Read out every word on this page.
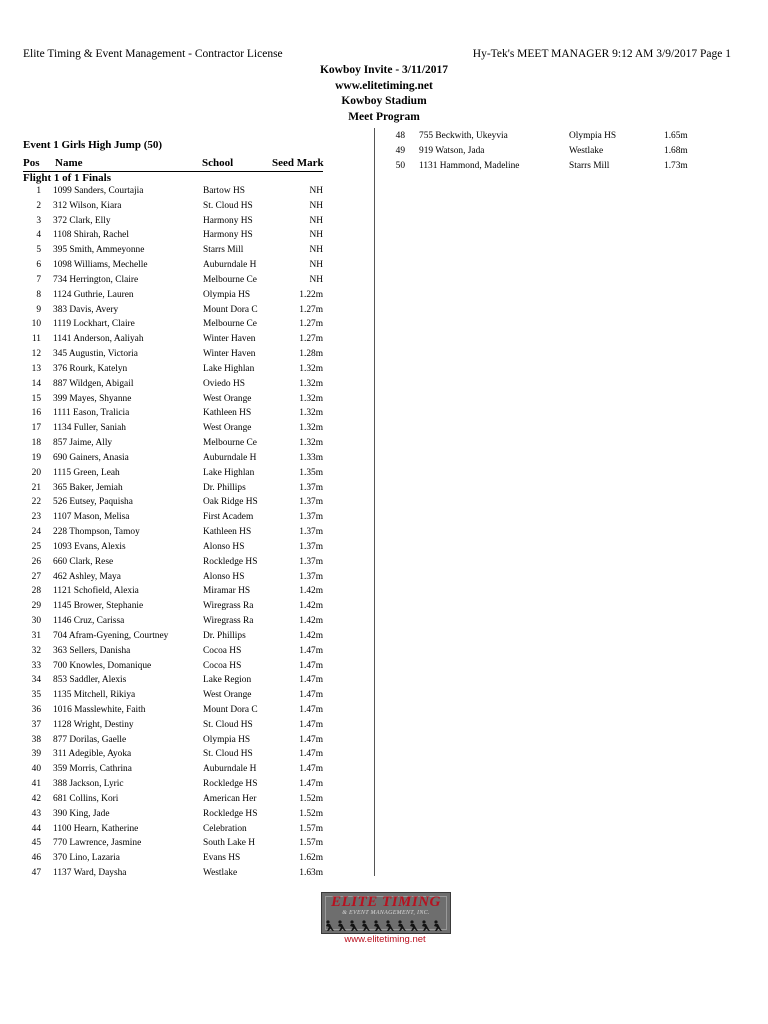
Elite Timing & Event Management - Contractor License	Hy-Tek's MEET MANAGER 9:12 AM 3/9/2017 Page 1
Kowboy Invite - 3/11/2017
www.elitetiming.net
Kowboy Stadium
Meet Program
Event 1 Girls High Jump (50)
Pos Name	School	Seed Mark
Flight 1 of 1 Finals
1 1099 Sanders, Courtajia	Bartow HS	NH
2 312 Wilson, Kiara	St. Cloud HS	NH
3 372 Clark, Elly	Harmony HS	NH
4 1108 Shirah, Rachel	Harmony HS	NH
5 395 Smith, Ammeyonne	Starrs Mill	NH
6 1098 Williams, Mechelle	Auburndale H	NH
7 734 Herrington, Claire	Melbourne Ce	NH
8 1124 Guthrie, Lauren	Olympia HS	1.22m
9 383 Davis, Avery	Mount Dora C	1.27m
10 1119 Lockhart, Claire	Melbourne Ce	1.27m
11 1141 Anderson, Aaliyah	Winter Haven	1.27m
12 345 Augustin, Victoria	Winter Haven	1.28m
13 376 Rourk, Katelyn	Lake Highlan	1.32m
14 887 Wildgen, Abigail	Oviedo HS	1.32m
15 399 Mayes, Shyanne	West Orange	1.32m
16 1111 Eason, Tralicia	Kathleen HS	1.32m
17 1134 Fuller, Saniah	West Orange	1.32m
18 857 Jaime, Ally	Melbourne Ce	1.32m
19 690 Gainers, Anasia	Auburndale H	1.33m
20 1115 Green, Leah	Lake Highlan	1.35m
21 365 Baker, Jemiah	Dr. Phillips	1.37m
22 526 Eutsey, Paquisha	Oak Ridge HS	1.37m
23 1107 Mason, Melisa	First Academ	1.37m
24 228 Thompson, Tamoy	Kathleen HS	1.37m
25 1093 Evans, Alexis	Alonso HS	1.37m
26 660 Clark, Rese	Rockledge HS	1.37m
27 462 Ashley, Maya	Alonso HS	1.37m
28 1121 Schofield, Alexia	Miramar HS	1.42m
29 1145 Brower, Stephanie	Wiregrass Ra	1.42m
30 1146 Cruz, Carissa	Wiregrass Ra	1.42m
31 704 Afram-Gyening, Courtney	Dr. Phillips	1.42m
32 363 Sellers, Danisha	Cocoa HS	1.47m
33 700 Knowles, Domanique	Cocoa HS	1.47m
34 853 Saddler, Alexis	Lake Region	1.47m
35 1135 Mitchell, Rikiya	West Orange	1.47m
36 1016 Masslewhite, Faith	Mount Dora C	1.47m
37 1128 Wright, Destiny	St. Cloud HS	1.47m
38 877 Dorilas, Gaelle	Olympia HS	1.47m
39 311 Adegible, Ayoka	St. Cloud HS	1.47m
40 359 Morris, Cathrina	Auburndale H	1.47m
41 388 Jackson, Lyric	Rockledge HS	1.47m
42 681 Collins, Kori	American Her	1.52m
43 390 King, Jade	Rockledge HS	1.52m
44 1100 Hearn, Katherine	Celebration	1.57m
45 770 Lawrence, Jasmine	South Lake H	1.57m
46 370 Lino, Lazaria	Evans HS	1.62m
47 1137 Ward, Daysha	Westlake	1.63m
48 755 Beckwith, Ukeyvia	Olympia HS	1.65m
49 919 Watson, Jada	Westlake	1.68m
50 1131 Hammond, Madeline	Starrs Mill	1.73m
ELITE TIMING
& EVENT MANAGEMENT, INC.
www.elitetiming.net
